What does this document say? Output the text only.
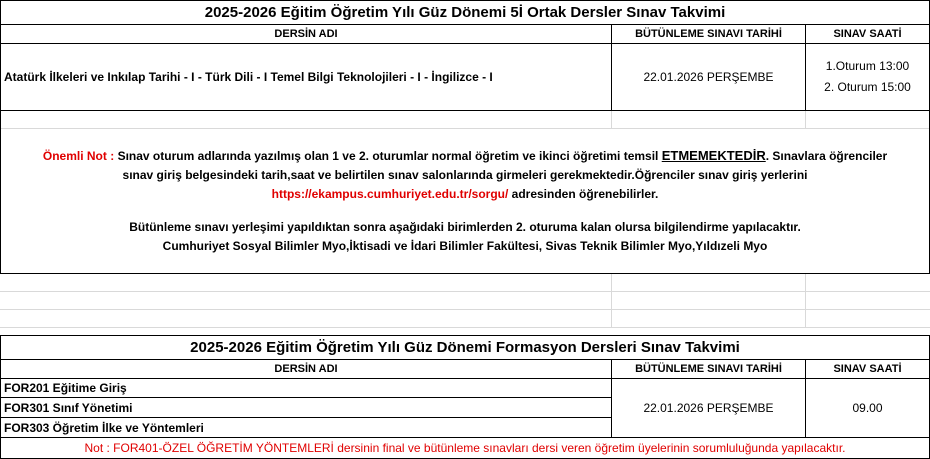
2025-2026 Eğitim Öğretim Yılı Güz Dönemi 5İ Ortak Dersler Sınav Takvimi
DERSİN ADI	BÜTÜNLEME SINAVI TARİHİ	SINAV SAATİ
Atatürk İlkeleri ve Inkılap Tarihi - I - Türk Dili - I Temel Bilgi Teknolojileri - I - İngilizce - I	22.01.2026 PERŞEMBE
1.Oturum 13:00
2. Oturum 15:00
Önemli Not : Sınav oturum adlarında yazılmış olan 1 ve 2. oturumlar normal öğretim ve ikinci öğretimi temsil ETMEMEKTEDİR. Sınavlara öğrenciler
sınav giriş belgesindeki tarih,saat ve belirtilen sınav salonlarında girmeleri gerekmektedir.Öğrenciler sınav giriş yerlerini
https://ekampus.cumhuriyet.edu.tr/sorgu/ adresinden öğrenebilirler.
Bütünleme sınavı yerleşimi yapıldıktan sonra aşağıdaki birimlerden 2. oturuma kalan olursa bilgilendirme yapılacaktır.
Cumhuriyet Sosyal Bilimler Myo,İktisadi ve İdari Bilimler Fakültesi, Sivas Teknik Bilimler Myo,Yıldızeli Myo
2025-2026 Eğitim Öğretim Yılı Güz Dönemi Formasyon Dersleri Sınav Takvimi
DERSİN ADI	BÜTÜNLEME SINAVI TARİHİ	SINAV SAATİ
FOR201 Eğitime Giriş
FOR301 Sınıf Yönetimi
FOR303 Öğretim İlke ve Yöntemleri
22.01.2026 PERŞEMBE	09.00
Not : FOR401-ÖZEL ÖĞRETİM YÖNTEMLERİ dersinin final ve bütünleme sınavları dersi veren öğretim üyelerinin sorumluluğunda yapılacaktır.
